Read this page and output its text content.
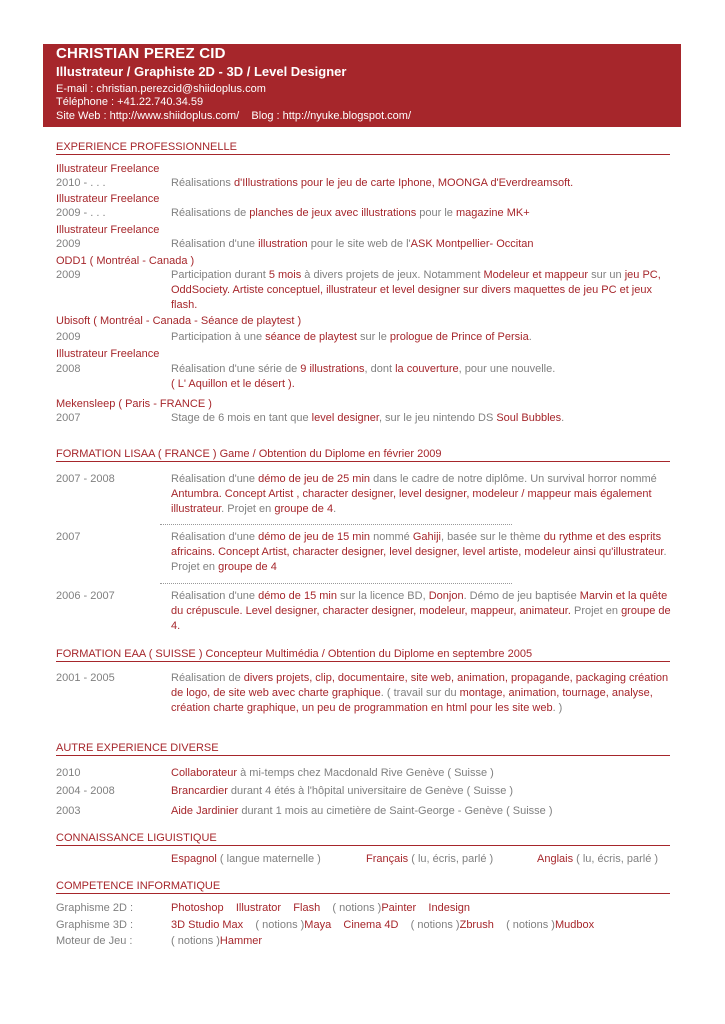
CHRISTIAN PEREZ CID
Illustrateur / Graphiste 2D - 3D / Level Designer
E-mail : christian.perezcid@shiidoplus.com
Téléphone : +41.22.740.34.59
Site Web : http://www.shiidoplus.com/    Blog : http://nyuke.blogspot.com/
EXPERIENCE PROFESSIONNELLE
Illustrateur Freelance
2010 - . . .	Réalisations d'Illustrations pour le jeu de carte Iphone, MOONGA d'Everdreamsoft.
Illustrateur Freelance
2009 - . . .	Réalisations de planches de jeux avec illustrations pour le magazine MK+
Illustrateur Freelance
2009	Réalisation d'une illustration pour le site web de l'ASK Montpellier- Occitan
ODD1 ( Montréal - Canada )
2009	Participation durant 5 mois à divers projets de jeux. Notamment Modeleur et mappeur sur un jeu PC, OddSociety. Artiste conceptuel, illustrateur et level designer sur divers maquettes de jeu PC et jeux flash.
Ubisoft ( Montréal - Canada - Séance de playtest )
2009	Participation à une séance de playtest sur le prologue de Prince of Persia.
Illustrateur Freelance
2008	Réalisation d'une série de 9 illustrations, dont la couverture, pour une nouvelle.
( L' Aquillon et le désert ).
Mekensleep ( Paris - FRANCE )
2007	Stage de 6 mois en tant que level designer, sur le jeu nintendo DS Soul Bubbles.
FORMATION LISAA ( FRANCE ) Game / Obtention du Diplome en février 2009
2007 - 2008	Réalisation d'une démo de jeu de 25 min dans le cadre de notre diplôme. Un survival horror nommé Antumbra. Concept Artist , character designer, level designer, modeleur / mappeur mais également illustrateur. Projet en groupe de 4.
2007	Réalisation d'une démo de jeu de 15 min nommé Gahiji, basée sur le thème du rythme et des esprits africains. Concept Artist, character designer, level designer, level artiste, modeleur ainsi qu'illustrateur. Projet en groupe de 4
2006 - 2007	Réalisation d'une démo de 15 min sur la licence BD, Donjon. Démo de jeu baptisée Marvin et la quête du crépuscule. Level designer, character designer, modeleur, mappeur, animateur. Projet en groupe de 4.
FORMATION EAA ( SUISSE ) Concepteur Multimédia / Obtention du Diplome en septembre 2005
2001 - 2005	Réalisation de divers projets, clip, documentaire, site web, animation, propagande, packaging création de logo, de site web avec charte graphique. ( travail sur du montage, animation, tournage, analyse, création charte graphique, un peu de programmation en html pour les site web. )
AUTRE EXPERIENCE DIVERSE
2010	Collaborateur à mi-temps chez Macdonald Rive Genève ( Suisse )
2004 - 2008	Brancardier durant 4 étés à l'hôpital universitaire de Genève ( Suisse )
2003	Aide Jardinier durant 1 mois au cimetière de Saint-George - Genève ( Suisse )
CONNAISSANCE LIGUISTIQUE
Espagnol ( langue maternelle )	Français ( lu, écris, parlé )	Anglais ( lu, écris, parlé )
COMPETENCE INFORMATIQUE
Graphisme 2D :	Photoshop    Illustrator    Flash    ( notions )Painter    Indesign
Graphisme 3D :	3D Studio Max    ( notions )Maya    Cinema 4D    ( notions )Zbrush    ( notions )Mudbox
Moteur de Jeu :	( notions )Hammer
